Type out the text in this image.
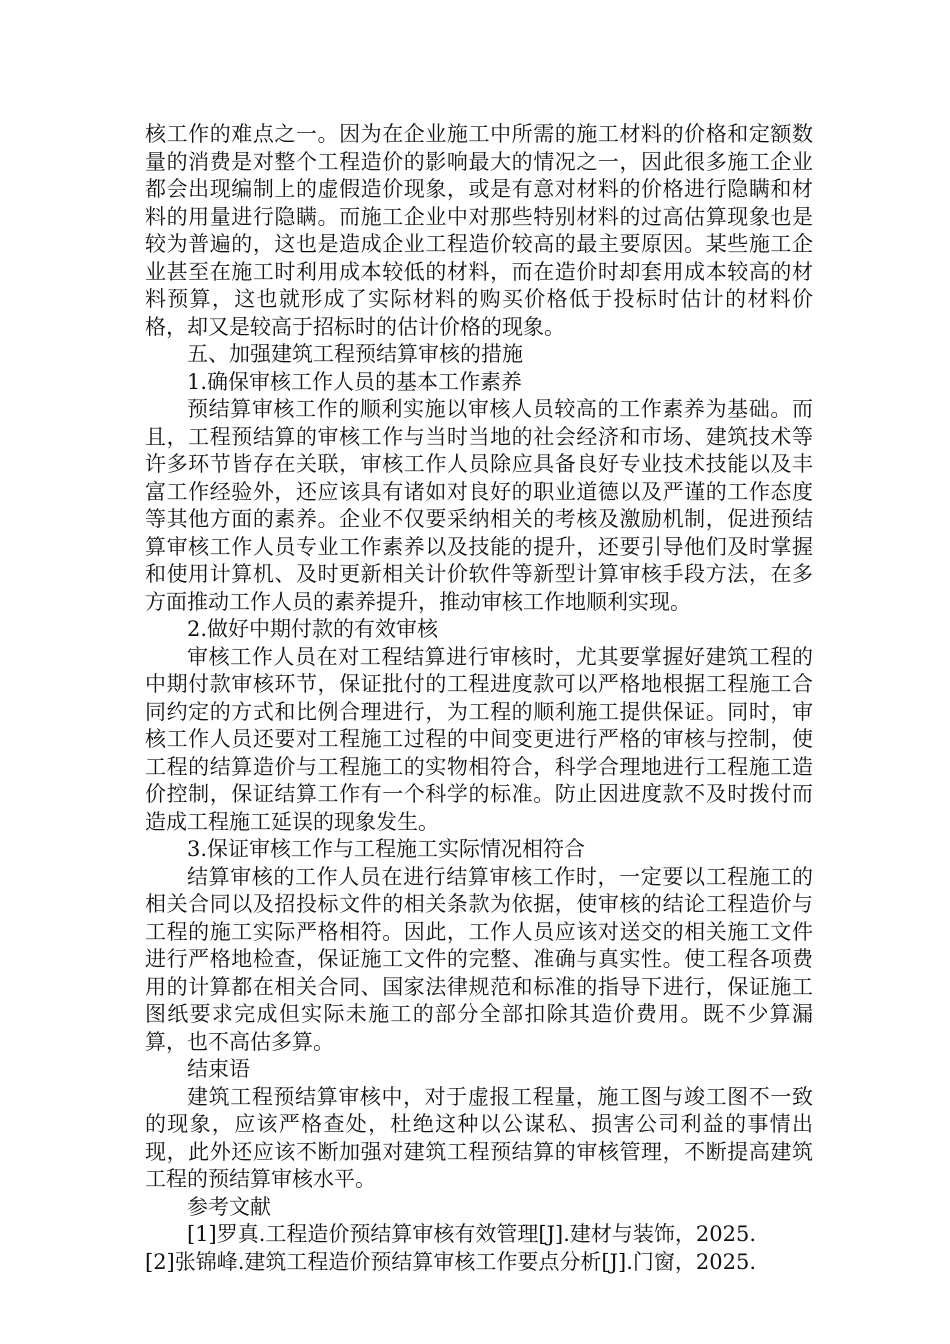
核工作的难点之一。因为在企业施工中所需的施工材料的价格和定额数量的消费是对整个工程造价的影响最大的情况之一，因此很多施工企业都会出现编制上的虚假造价现象，或是有意对材料的价格进行隐瞒和材料的用量进行隐瞒。而施工企业中对那些特别材料的过高估算现象也是较为普遍的，这也是造成企业工程造价较高的最主要原因。某些施工企业甚至在施工时利用成本较低的材料，而在造价时却套用成本较高的材料预算，这也就形成了实际材料的购买价格低于投标时估计的材料价格，却又是较高于招标时的估计价格的现象。

五、加强建筑工程预结算审核的措施

1.确保审核工作人员的基本工作素养

预结算审核工作的顺利实施以审核人员较高的工作素养为基础。而且，工程预结算的审核工作与当时当地的社会经济和市场、建筑技术等许多环节皆存在关联，审核工作人员除应具备良好专业技术技能以及丰富工作经验外，还应该具有诸如对良好的职业道德以及严谨的工作态度等其他方面的素养。企业不仅要采纳相关的考核及激励机制，促进预结算审核工作人员专业工作素养以及技能的提升，还要引导他们及时掌握和使用计算机、及时更新相关计价软件等新型计算审核手段方法，在多方面推动工作人员的素养提升，推动审核工作地顺利实现。

2.做好中期付款的有效审核

审核工作人员在对工程结算进行审核时，尤其要掌握好建筑工程的中期付款审核环节，保证批付的工程进度款可以严格地根据工程施工合同约定的方式和比例合理进行，为工程的顺利施工提供保证。同时，审核工作人员还要对工程施工过程的中间变更进行严格的审核与控制，使工程的结算造价与工程施工的实物相符合，科学合理地进行工程施工造价控制，保证结算工作有一个科学的标准。防止因进度款不及时拨付而造成工程施工延误的现象发生。

3.保证审核工作与工程施工实际情况相符合

结算审核的工作人员在进行结算审核工作时，一定要以工程施工的相关合同以及招投标文件的相关条款为依据，使审核的结论工程造价与工程的施工实际严格相符。因此，工作人员应该对送交的相关施工文件进行严格地检查，保证施工文件的完整、准确与真实性。使工程各项费用的计算都在相关合同、国家法律规范和标准的指导下进行，保证施工图纸要求完成但实际未施工的部分全部扣除其造价费用。既不少算漏算，也不高估多算。

结束语

建筑工程预结算审核中，对于虚报工程量，施工图与竣工图不一致的现象，应该严格查处，杜绝这种以公谋私、损害公司利益的事情出现，此外还应该不断加强对建筑工程预结算的审核管理，不断提高建筑工程的预结算审核水平。

参考文献

[1]罗真.工程造价预结算审核有效管理[J].建材与装饰，2025.

[2]张锦峰.建筑工程造价预结算审核工作要点分析[J].门窗，2025.
